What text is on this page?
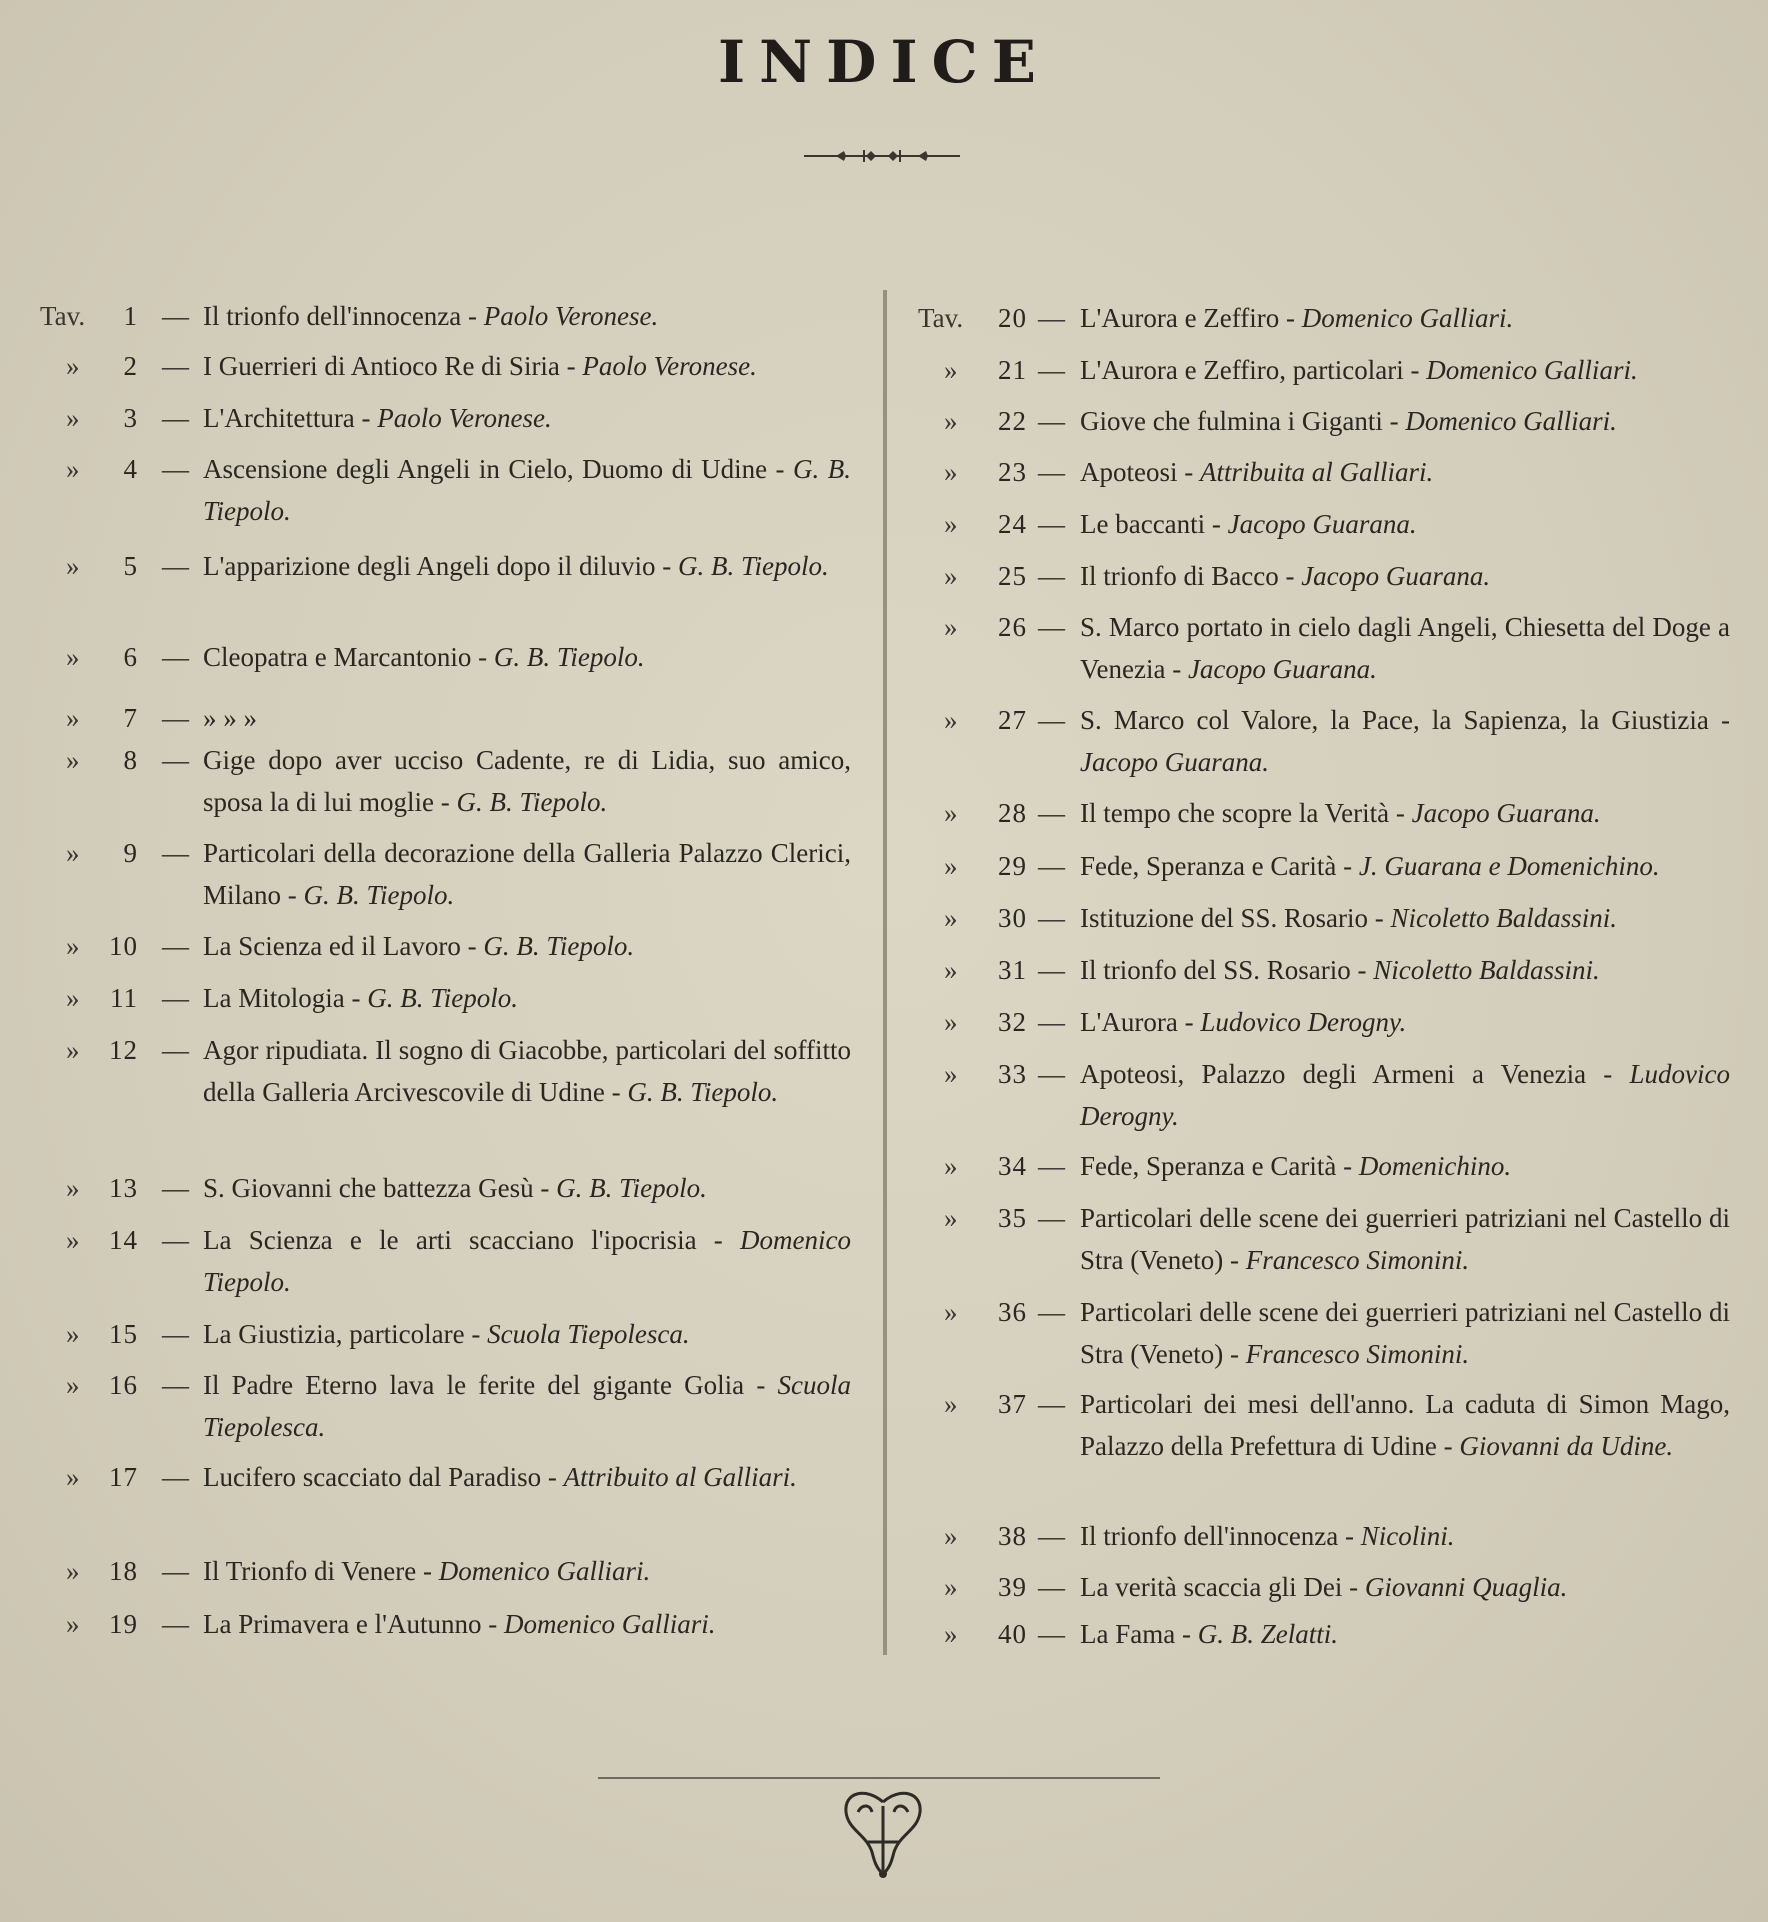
INDICE
Tav.	1 — Il trionfo dell'innocenza - Paolo Veronese.
»	2 — I Guerrieri di Antioco Re di Siria - Paolo Veronese.
»	3 — L'Architettura - Paolo Veronese.
»	4 — Ascensione degli Angeli in Cielo, Duomo di Udine - G. B. Tiepolo.
»	5 — L'apparizione degli Angeli dopo il diluvio - G. B. Tiepolo.
»	6 — Cleopatra e Marcantonio - G. B. Tiepolo.
»	7 — » » »
»	8 — Gige dopo aver ucciso Cadente, re di Lidia, suo amico, sposa la di lui moglie - G. B. Tiepolo.
»	9 — Particolari della decorazione della Galleria Palazzo Clerici, Milano - G. B. Tiepolo.
»	10 — La Scienza ed il Lavoro - G. B. Tiepolo.
»	11 — La Mitologia - G. B. Tiepolo.
»	12 — Agor ripudiata. Il sogno di Giacobbe, particolari del soffitto della Galleria Arcivescovile di Udine - G. B. Tiepolo.
»	13 — S. Giovanni che battezza Gesù - G. B. Tiepolo.
»	14 — La Scienza e le arti scacciano l'ipocrisia - Domenico Tiepolo.
»	15 — La Giustizia, particolare - Scuola Tiepolesca.
»	16 — Il Padre Eterno lava le ferite del gigante Golia - Scuola Tiepolesca.
»	17 — Lucifero scacciato dal Paradiso - Attribuito al Galliari.
»	18 — Il Trionfo di Venere - Domenico Galliari.
»	19 — La Primavera e l'Autunno - Domenico Galliari.
Tav.	20 — L'Aurora e Zeffiro - Domenico Galliari.
»	21 — L'Aurora e Zeffiro, particolari - Domenico Galliari.
»	22 — Giove che fulmina i Giganti - Domenico Galliari.
»	23 — Apoteosi - Attribuita al Galliari.
»	24 — Le baccanti - Jacopo Guarana.
»	25 — Il trionfo di Bacco - Jacopo Guarana.
»	26 — S. Marco portato in cielo dagli Angeli, Chiesetta del Doge a Venezia - Jacopo Guarana.
»	27 — S. Marco col Valore, la Pace, la Sapienza, la Giustizia - Jacopo Guarana.
»	28 — Il tempo che scopre la Verità - Jacopo Guarana.
»	29 — Fede, Speranza e Carità - J. Guarana e Domenichino.
»	30 — Istituzione del SS. Rosario - Nicoletto Baldassini.
»	31 — Il trionfo del SS. Rosario - Nicoletto Baldassini.
»	32 — L'Aurora - Ludovico Derogny.
»	33 — Apoteosi, Palazzo degli Armeni a Venezia - Ludovico Derogny.
»	34 — Fede, Speranza e Carità - Domenichino.
»	35 — Particolari delle scene dei guerrieri patriziani nel Castello di Stra (Veneto) - Francesco Simonini.
»	36 — Particolari delle scene dei guerrieri patriziani nel Castello di Stra (Veneto) - Francesco Simonini.
»	37 — Particolari dei mesi dell'anno. La caduta di Simon Mago, Palazzo della Prefettura di Udine - Giovanni da Udine.
»	38 — Il trionfo dell'innocenza - Nicolini.
»	39 — La verità scaccia gli Dei - Giovanni Quaglia.
»	40 — La Fama - G. B. Zelatti.
